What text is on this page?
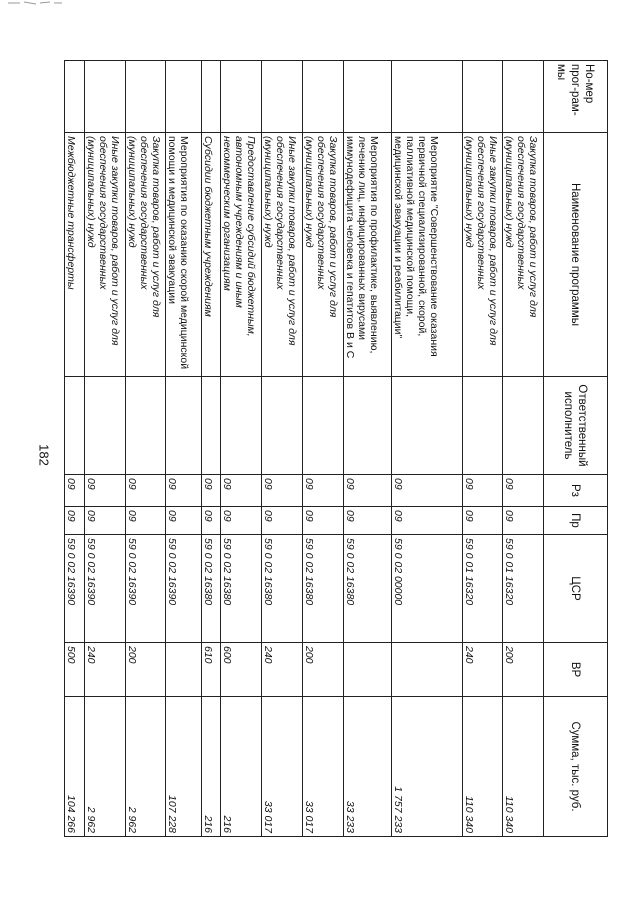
182
Но-мер прог-рам-мы	Наименование программы	Ответственный исполнитель	Рз	Пр	ЦСР	ВР	Сумма, тыс. руб.
	Закупка товаров, работ и услуг для обеспечения государственных (муниципальных) нужд		09	09	59 0 01 16320	200	110 340
	Иные закупки товаров, работ и услуг для обеспечения государственных (муниципальных) нужд		09	09	59 0 01 16320	240	110 340
	Мероприятие "Совершенствование оказания первичной специализированной, скорой, паллиативной медицинской помощи, медицинской эвакуации и реабилитации"		09	09	59 0 02 00000		1 757 233
	Мероприятия по профилактике, выявлению, лечению лиц, инфицированных вирусами иммунодефицита человека и гепатитов В и С		09	09	59 0 02 16380		33 233
	Закупка товаров, работ и услуг для обеспечения государственных (муниципальных) нужд		09	09	59 0 02 16380	200	33 017
	Иные закупки товаров, работ и услуг для обеспечения государственных (муниципальных) нужд		09	09	59 0 02 16380	240	33 017
	Предоставление субсидий бюджетным, автономным учреждениям и иным некоммерческим организациям		09	09	59 0 02 16380	600	216
	Субсидии бюджетным учреждениям		09	09	59 0 02 16380	610	216
	Мероприятия по оказанию скорой медицинской помощи и медицинской эвакуации		09	09	59 0 02 16390		107 228
	Закупка товаров, работ и услуг для обеспечения государственных (муниципальных) нужд		09	09	59 0 02 16390	200	2 962
	Иные закупки товаров, работ и услуг для обеспечения государственных (муниципальных) нужд		09	09	59 0 02 16390	240	2 962
	Межбюджетные трансферты		09	09	59 0 02 16390	500	104 266
